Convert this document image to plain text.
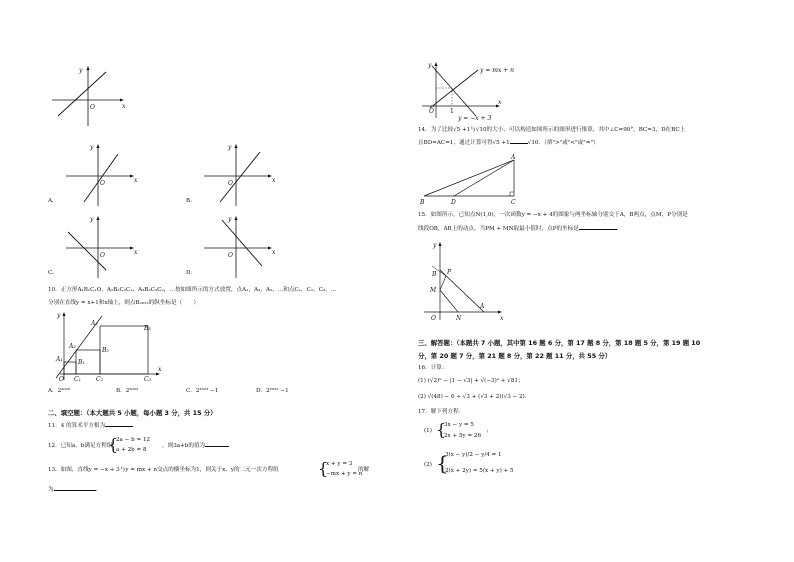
y
x
O
y
x
O
A.
y
x
O
B.
y
x
O
C.
y
x
O
D.
10．正方形A₁B₁C₁O，A₂B₂C₂C₁，A₃B₃C₃C₂，…按如图所示的方式放置，点A₁，A₂，A₃，…和点C₁，C₂，C₃，…
分别在直线y = x+1和x轴上，则点B₂₀₂₃的纵坐标是（　　）
y
x
O
A₁
A₂
A₃
B₁
B₂
B₃
C₁	C₂	C₃
A．2²⁰²²	B．2²⁰²³	C．2²⁰²³ −1	D．2²⁰²² −1
二、填空题：（本大题共 5 小题，每小题 3 分，共 15 分）
11．4 的算术平方根为
12．已知a，b满足方程组
{
2a − b = 12
a + 2b = 8
，则3a+b的值为
13．如图，直线y = −x + 3与y = mx + n交点的横坐标为1，则关于x、y的二元一次方程组 {
x + y = 3
−mx + y = n
的解
为	．
y
x
O	1
y = mx + n
y = −x + 3
14．为了比较√5 +1与√10的大小，可以构造如图所示的图形进行推算，其中∠C=90°，BC=3，D在BC上
且BD=AC=1，通过计算可得√5 +1	√10．（填">"或"<"或"="）
A
B	D	C
15．如图所示，已知点N(1,0)，一次函数y = −x + 4的图象与两坐标轴分别交于A，B两点，点M，P分别是
线段OB，AB上的动点，当PM + MN取最小值时，点P的坐标是	．
y
x
O
B P
M
N
A
三、解答题：（本题共 7 小题，其中第 16 题 6 分，第 17 题 8 分，第 18 题 5 分，第 19 题 10
分，第 20 题 7 分，第 21 题 8 分，第 22 题 11 分，共 55 分）
16．计算：
(1) (√2)⁰ − |1 − √3| + √(−3)² + √81；
(2) √(48) − 6 ÷ √3 + (√3 + 2)(√3 − 2)．
17．解下列方程：
(1) {
3x − y = 5
2x + 5y = 26
；
(2) {
3(x − y)/2 − y/4 = 1
2(x + 2y) = 5(x + y) + 5
